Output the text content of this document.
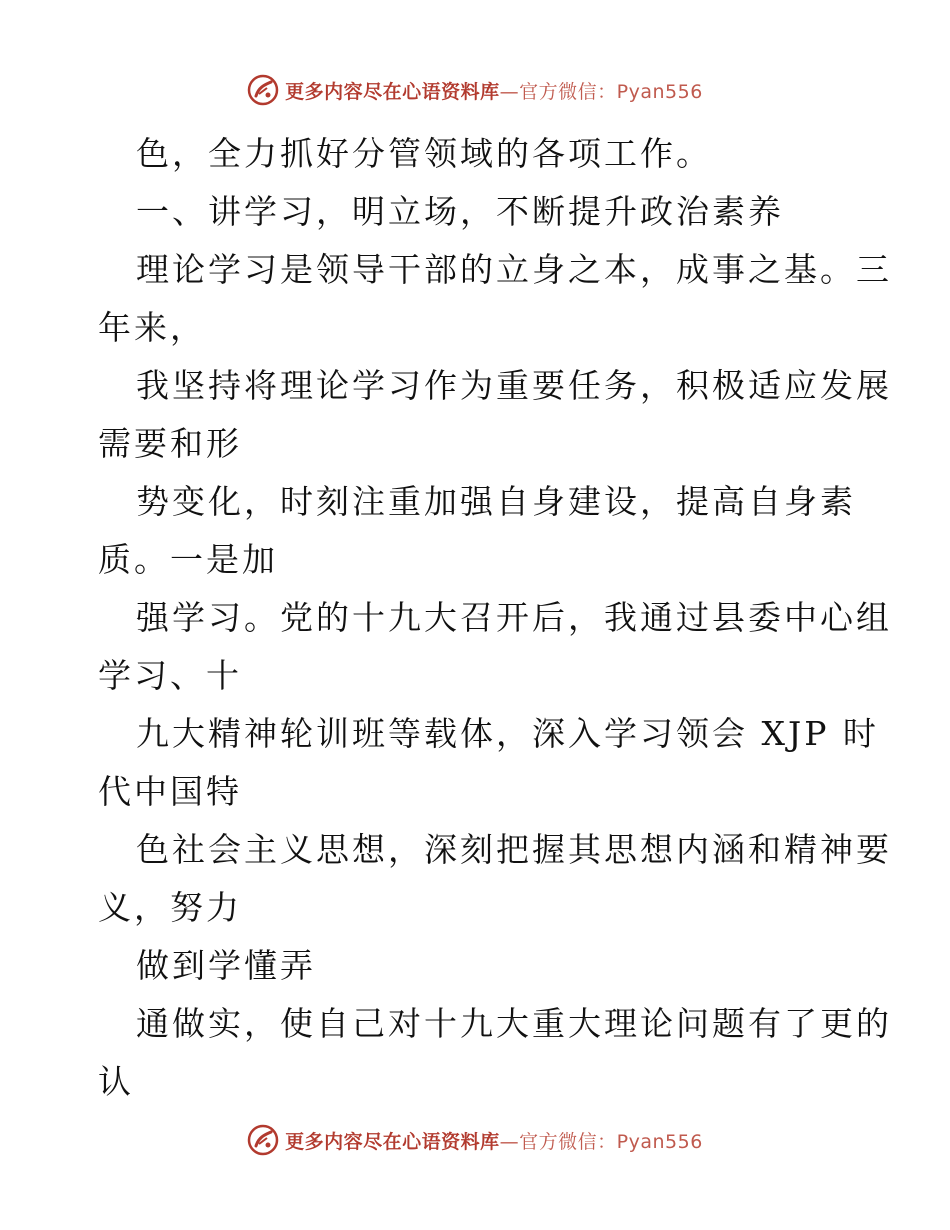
更多内容尽在心语资料库—官方微信：Pyan556
色，全力抓好分管领域的各项工作。
一、讲学习，明立场，不断提升政治素养
理论学习是领导干部的立身之本，成事之基。三
年来，
我坚持将理论学习作为重要任务，积极适应发展
需要和形
势变化，时刻注重加强自身建设，提高自身素
质。一是加
强学习。党的十九大召开后，我通过县委中心组
学习、十
九大精神轮训班等载体，深入学习领会 XJP 时
代中国特
色社会主义思想，深刻把握其思想内涵和精神要
义，努力
做到学懂弄
通做实，使自己对十九大重大理论问题有了更的
认
更多内容尽在心语资料库—官方微信：Pyan556
